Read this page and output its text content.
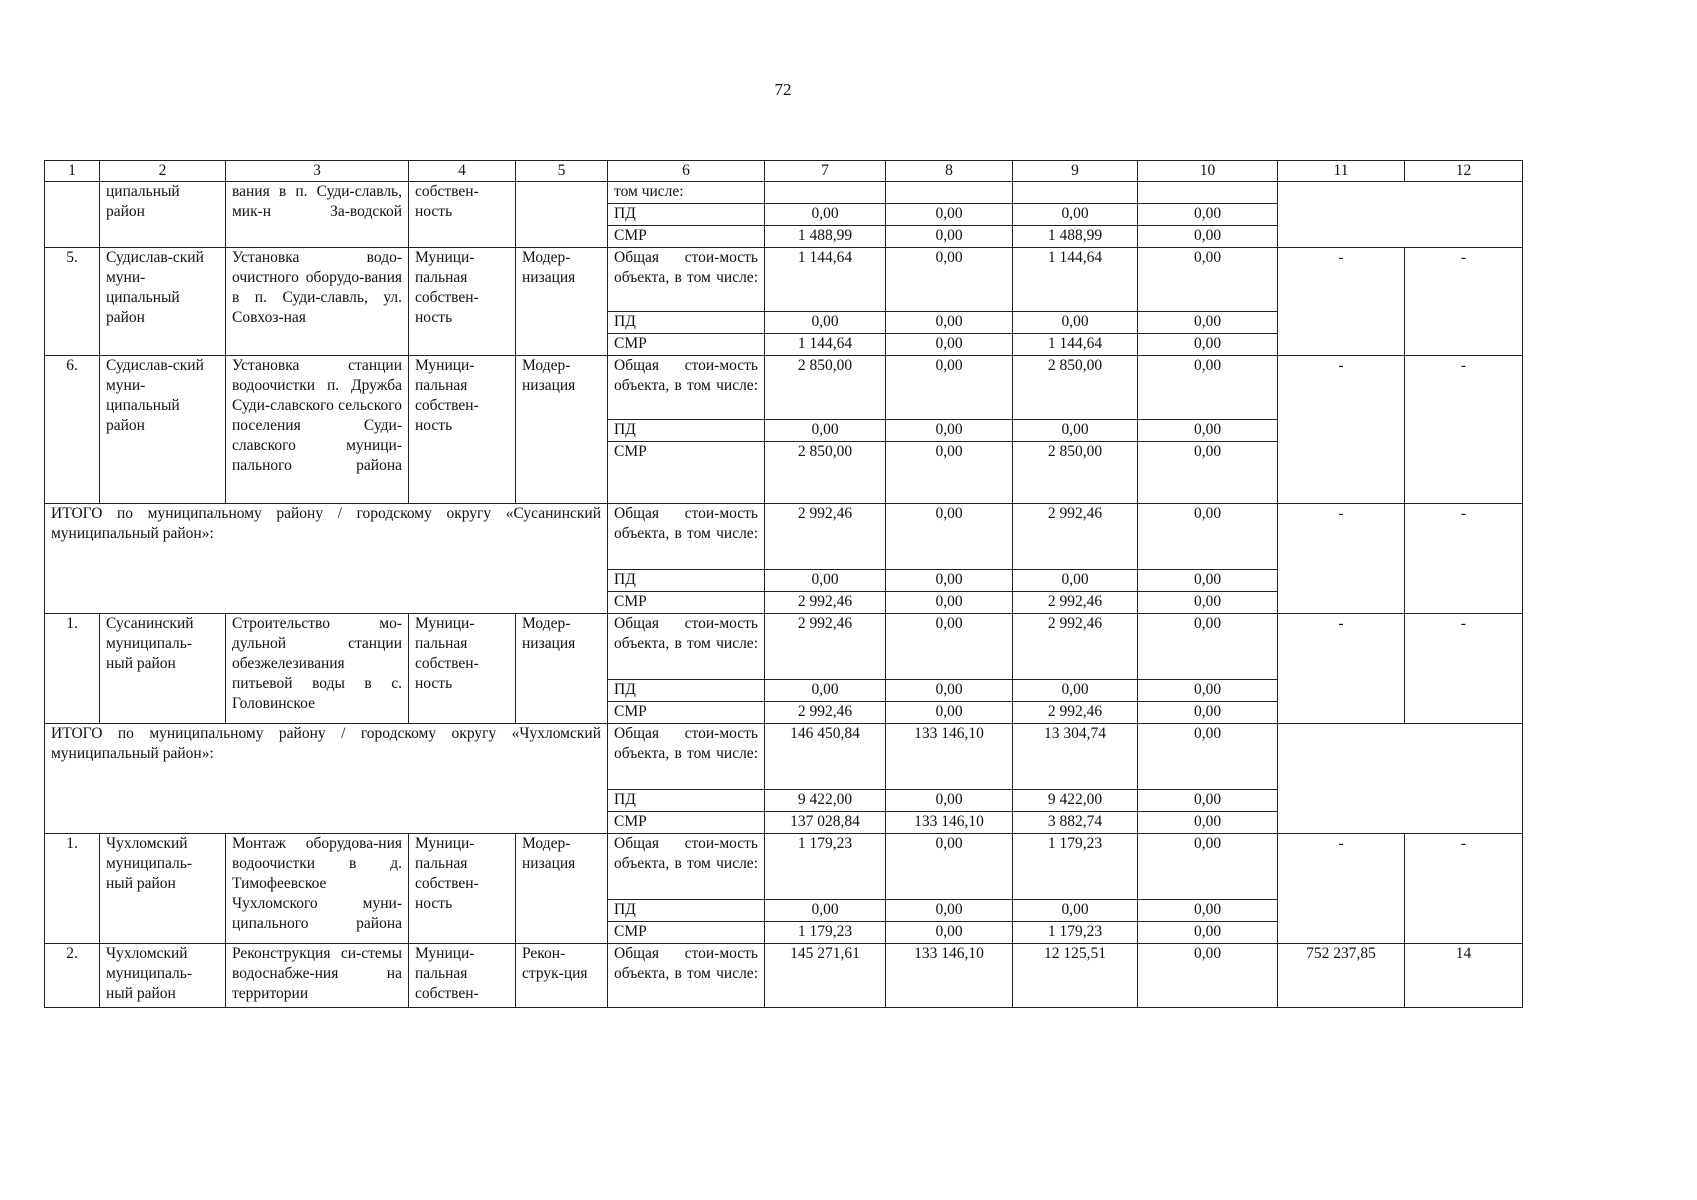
72
1	2	3	4	5	6	7	8	9	10	11	12
	ципальный район	вания в п. Суди-славль, мик-н За-водской	собствен-ность		том числе:						
					ПД	0,00	0,00	0,00	0,00		
					СМР	1 488,99	0,00	1 488,99	0,00		
5.	Судислав-ский муни-ципальный район	Установка водо-очистного оборудо-вания в п. Суди-славль, ул. Совхоз-ная	Муници-пальная собствен-ность	Модер-низация	Общая стои-мость объекта, в том числе:	1 144,64	0,00	1 144,64	0,00	-	-
					ПД	0,00	0,00	0,00	0,00		
					СМР	1 144,64	0,00	1 144,64	0,00		
6.	Судислав-ский муни-ципальный район	Установка станции водоочистки п. Дружба Суди-славского сельского поселения Суди-славского муници-пального района	Муници-пальная собствен-ность	Модер-низация	Общая стои-мость объекта, в том числе:	2 850,00	0,00	2 850,00	0,00	-	-
					ПД	0,00	0,00	0,00	0,00		
					СМР	2 850,00	0,00	2 850,00	0,00		
ИТОГО по муниципальному району / городскому округу «Сусанинский муниципальный район»:					Общая стои-мость объекта, в том числе:	2 992,46	0,00	2 992,46	0,00	-	-
					ПД	0,00	0,00	0,00	0,00		
					СМР	2 992,46	0,00	2 992,46	0,00		
1.	Сусанинский муниципаль-ный район	Строительство мо-дульной станции обезжелезивания питьевой воды в с. Головинское	Муници-пальная собствен-ность	Модер-низация	Общая стои-мость объекта, в том числе:	2 992,46	0,00	2 992,46	0,00	-	-
					ПД	0,00	0,00	0,00	0,00		
					СМР	2 992,46	0,00	2 992,46	0,00		
ИТОГО по муниципальному району / городскому округу «Чухломский муниципальный район»:					Общая стои-мость объекта, в том числе:	146 450,84	133 146,10	13 304,74	0,00		
					ПД	9 422,00	0,00	9 422,00	0,00		
					СМР	137 028,84	133 146,10	3 882,74	0,00		
1.	Чухломский муниципаль-ный район	Монтаж оборудова-ния водоочистки в д. Тимофеевское Чухломского муни-ципального района	Муници-пальная собствен-ность	Модер-низация	Общая стои-мость объекта, в том числе:	1 179,23	0,00	1 179,23	0,00	-	-
					ПД	0,00	0,00	0,00	0,00		
					СМР	1 179,23	0,00	1 179,23	0,00		
2.	Чухломский муниципаль-ный район	Реконструкция си-стемы водоснабже-ния на территории	Муници-пальная собствен-	Рекон-струк-ция	Общая стои-мость объекта, в том числе:	145 271,61	133 146,10	12 125,51	0,00	752 237,85	14
